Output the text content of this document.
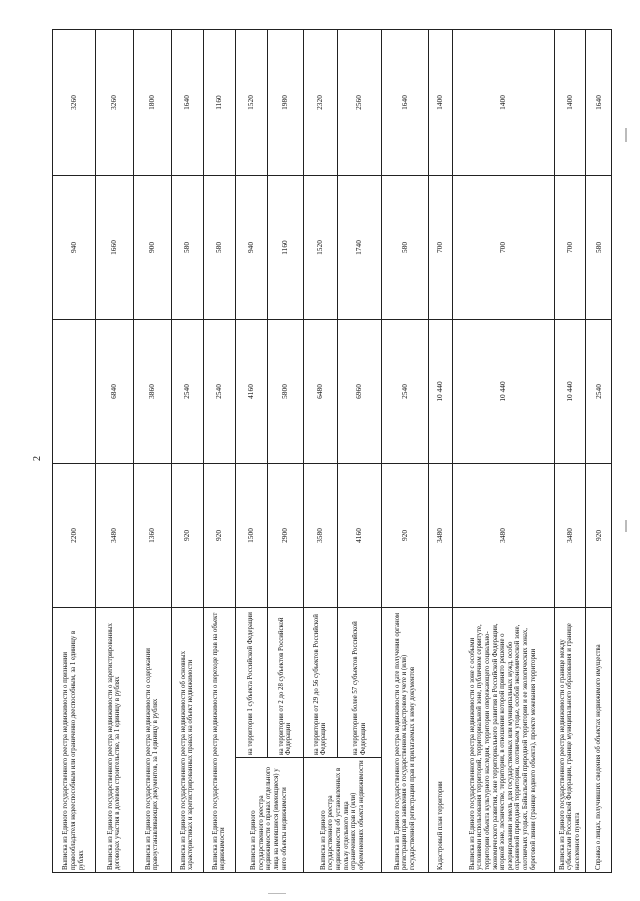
2
Выписка из Единого государственного реестра недвижимости о признании правообладателя недееспособным или ограниченно дееспособным, за 1 единицу в рублях		2200		940	3260
Выписка из Единого государственного реестра недвижимости о зарегистрированных договорах участия в долевом строительстве, за 1 единицу в рублях		3480	6840	1660	3260
Выписка из Единого государственного реестра недвижимости о содержании правоустанавливающих документов, за 1 единицу в рублях		1360	3860	900	1800
Выписка из Единого государственного реестра недвижимости об основных характеристиках и зарегистрированных правах на объект недвижимости		920	2540	580	1640
Выписка из Единого государственного реестра недвижимости о переходе прав на объект недвижимости		920	2540	580	1160
Выписка из Единого государственного реестра недвижимости о правах отдельного лица на имевшиеся (имеющиеся) у него объекты недвижимости	на территории 1 субъекта Российской Федерации	1500	4160	940	1520
	на территории от 2 до 28 субъектов Российской Федерации	2900	5800	1160	1980
Выписка из Единого государственного реестра недвижимости об установленных в пользу отдельного лица ограничениях прав и (или) обременениях объекта недвижимости	на территории от 29 до 56 субъектов Российской Федерации	3580	6480	1520	2320
	на территории более 57 субъектов Российской Федерации	4160	6960	1740	2560
Выписка из Единого государственного реестра недвижимости о дате получения органом регистрации прав заявления о государственном кадастровом учете и (или) государственной регистрации прав и прилагаемых к нему документов		920	2540	580	1640
Кадастровый план территории		3480	10 440	700	1400
Выписка из Единого государственного реестра недвижимости о зоне с особыми условиями использования территорий, территориальной зоне, публичном сервитуте, территории объекта культурного наследия, территории опережающего социально-экономического развития, зоне территориального развития в Российской Федерации, игорной зоне, лесничестве, территории, в отношении которой принято решение о резервировании земель для государственных или муниципальных нужд, особо охраняемой природной территории, охотничьем угодье, особой экономической зоне, охотничьих угодьях, Байкальской природной территории и ее экологических зонах, береговой линии (границе водного объекта), проекте межевания территории		3480	10 440	700	1400
Выписка из Единого государственного реестра недвижимости о границе между субъектами Российской Федерации, границе муниципального образования и границе населенного пункта		3480	10 440	700	1400
Справка о лицах, получивших сведения об объектах недвижимого имущества		920	2540	580	1640
